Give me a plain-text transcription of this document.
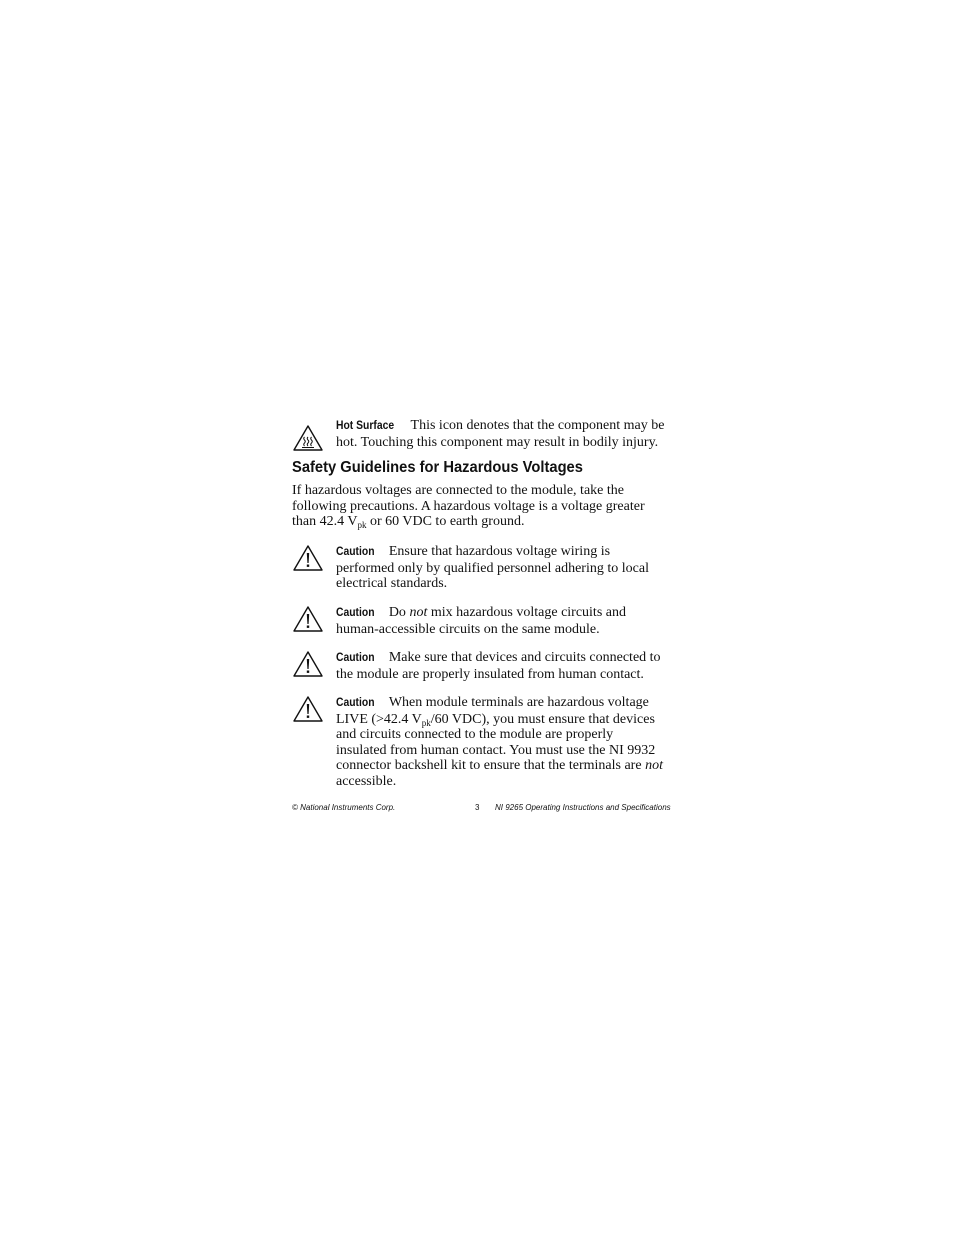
Hot Surface This icon denotes that the component may be hot. Touching this component may result in bodily injury.
Safety Guidelines for Hazardous Voltages
If hazardous voltages are connected to the module, take the following precautions. A hazardous voltage is a voltage greater than 42.4 $V_{pk}$ or 60 VDC to earth ground.
Caution Ensure that hazardous voltage wiring is performed only by qualified personnel adhering to local electrical standards.
Caution Do not mix hazardous voltage circuits and human-accessible circuits on the same module.
Caution Make sure that devices and circuits connected to the module are properly insulated from human contact.
Caution When module terminals are hazardous voltage LIVE (>42.4 $V_{pk}/60$ VDC), you must ensure that devices and circuits connected to the module are properly insulated from human contact. You must use the NI 9932 connector backshell kit to ensure that the terminals are not accessible.
© National Instruments Corp.	3 NI 9265 Operating Instructions and Specifications
